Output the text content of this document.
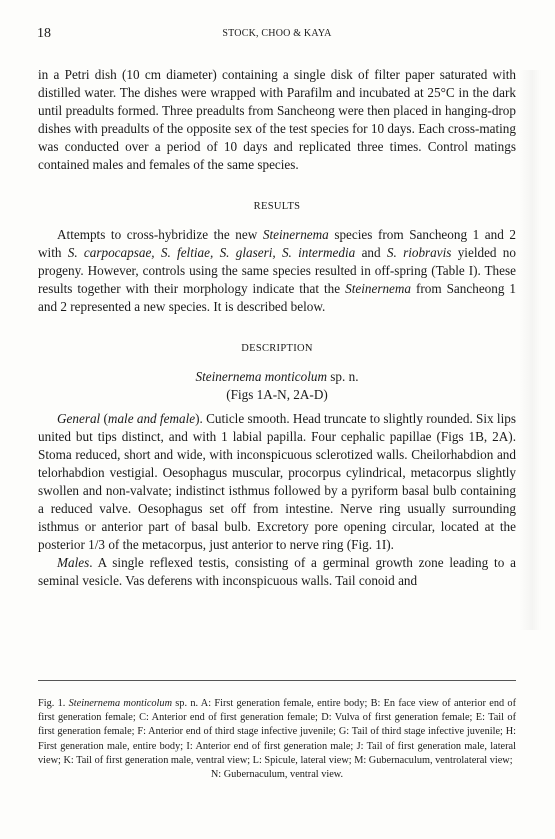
18	STOCK, CHOO & KAYA

in a Petri dish (10 cm diameter) containing a single disk of filter paper saturated with distilled water. The dishes were wrapped with Parafilm and incubated at 25°C in the dark until preadults formed. Three preadults from Sancheong were then placed in hanging-drop dishes with preadults of the opposite sex of the test species for 10 days. Each cross-mating was conducted over a period of 10 days and replicated three times. Control matings contained males and females of the same species.

RESULTS

Attempts to cross-hybridize the new Steinernema species from Sancheong 1 and 2 with S. carpocapsae, S. feltiae, S. glaseri, S. intermedia and S. riobravis yielded no progeny. However, controls using the same species resulted in off-spring (Table I). These results together with their morphology indicate that the Steinernema from Sancheong 1 and 2 represented a new species. It is described below.

DESCRIPTION

Steinernema monticolum sp. n.

(Figs 1A-N, 2A-D)

General (male and female). Cuticle smooth. Head truncate to slightly rounded. Six lips united but tips distinct, and with 1 labial papilla. Four cephalic papillae (Figs 1B, 2A). Stoma reduced, short and wide, with inconspicuous sclerotized walls. Cheilorhabdion and telorhabdion vestigial. Oesophagus muscular, procorpus cylindrical, metacorpus slightly swollen and non-valvate; indistinct isthmus followed by a pyriform basal bulb containing a reduced valve. Oesophagus set off from intestine. Nerve ring usually surrounding isthmus or anterior part of basal bulb. Excretory pore opening circular, located at the posterior 1/3 of the metacorpus, just anterior to nerve ring (Fig. 1I).

Males. A single reflexed testis, consisting of a germinal growth zone leading to a seminal vesicle. Vas deferens with inconspicuous walls. Tail conoid and

Fig. 1. Steinernema monticolum sp. n. A: First generation female, entire body; B: En face view of anterior end of first generation female; C: Anterior end of first generation female; D: Vulva of first generation female; E: Tail of first generation female; F: Anterior end of third stage infective juvenile; G: Tail of third stage infective juvenile; H: First generation male, entire body; I: Anterior end of first generation male; J: Tail of first generation male, lateral view; K: Tail of first generation male, ventral view; L: Spicule, lateral view; M: Gubernaculum, ventrolateral view;
N: Gubernaculum, ventral view.
